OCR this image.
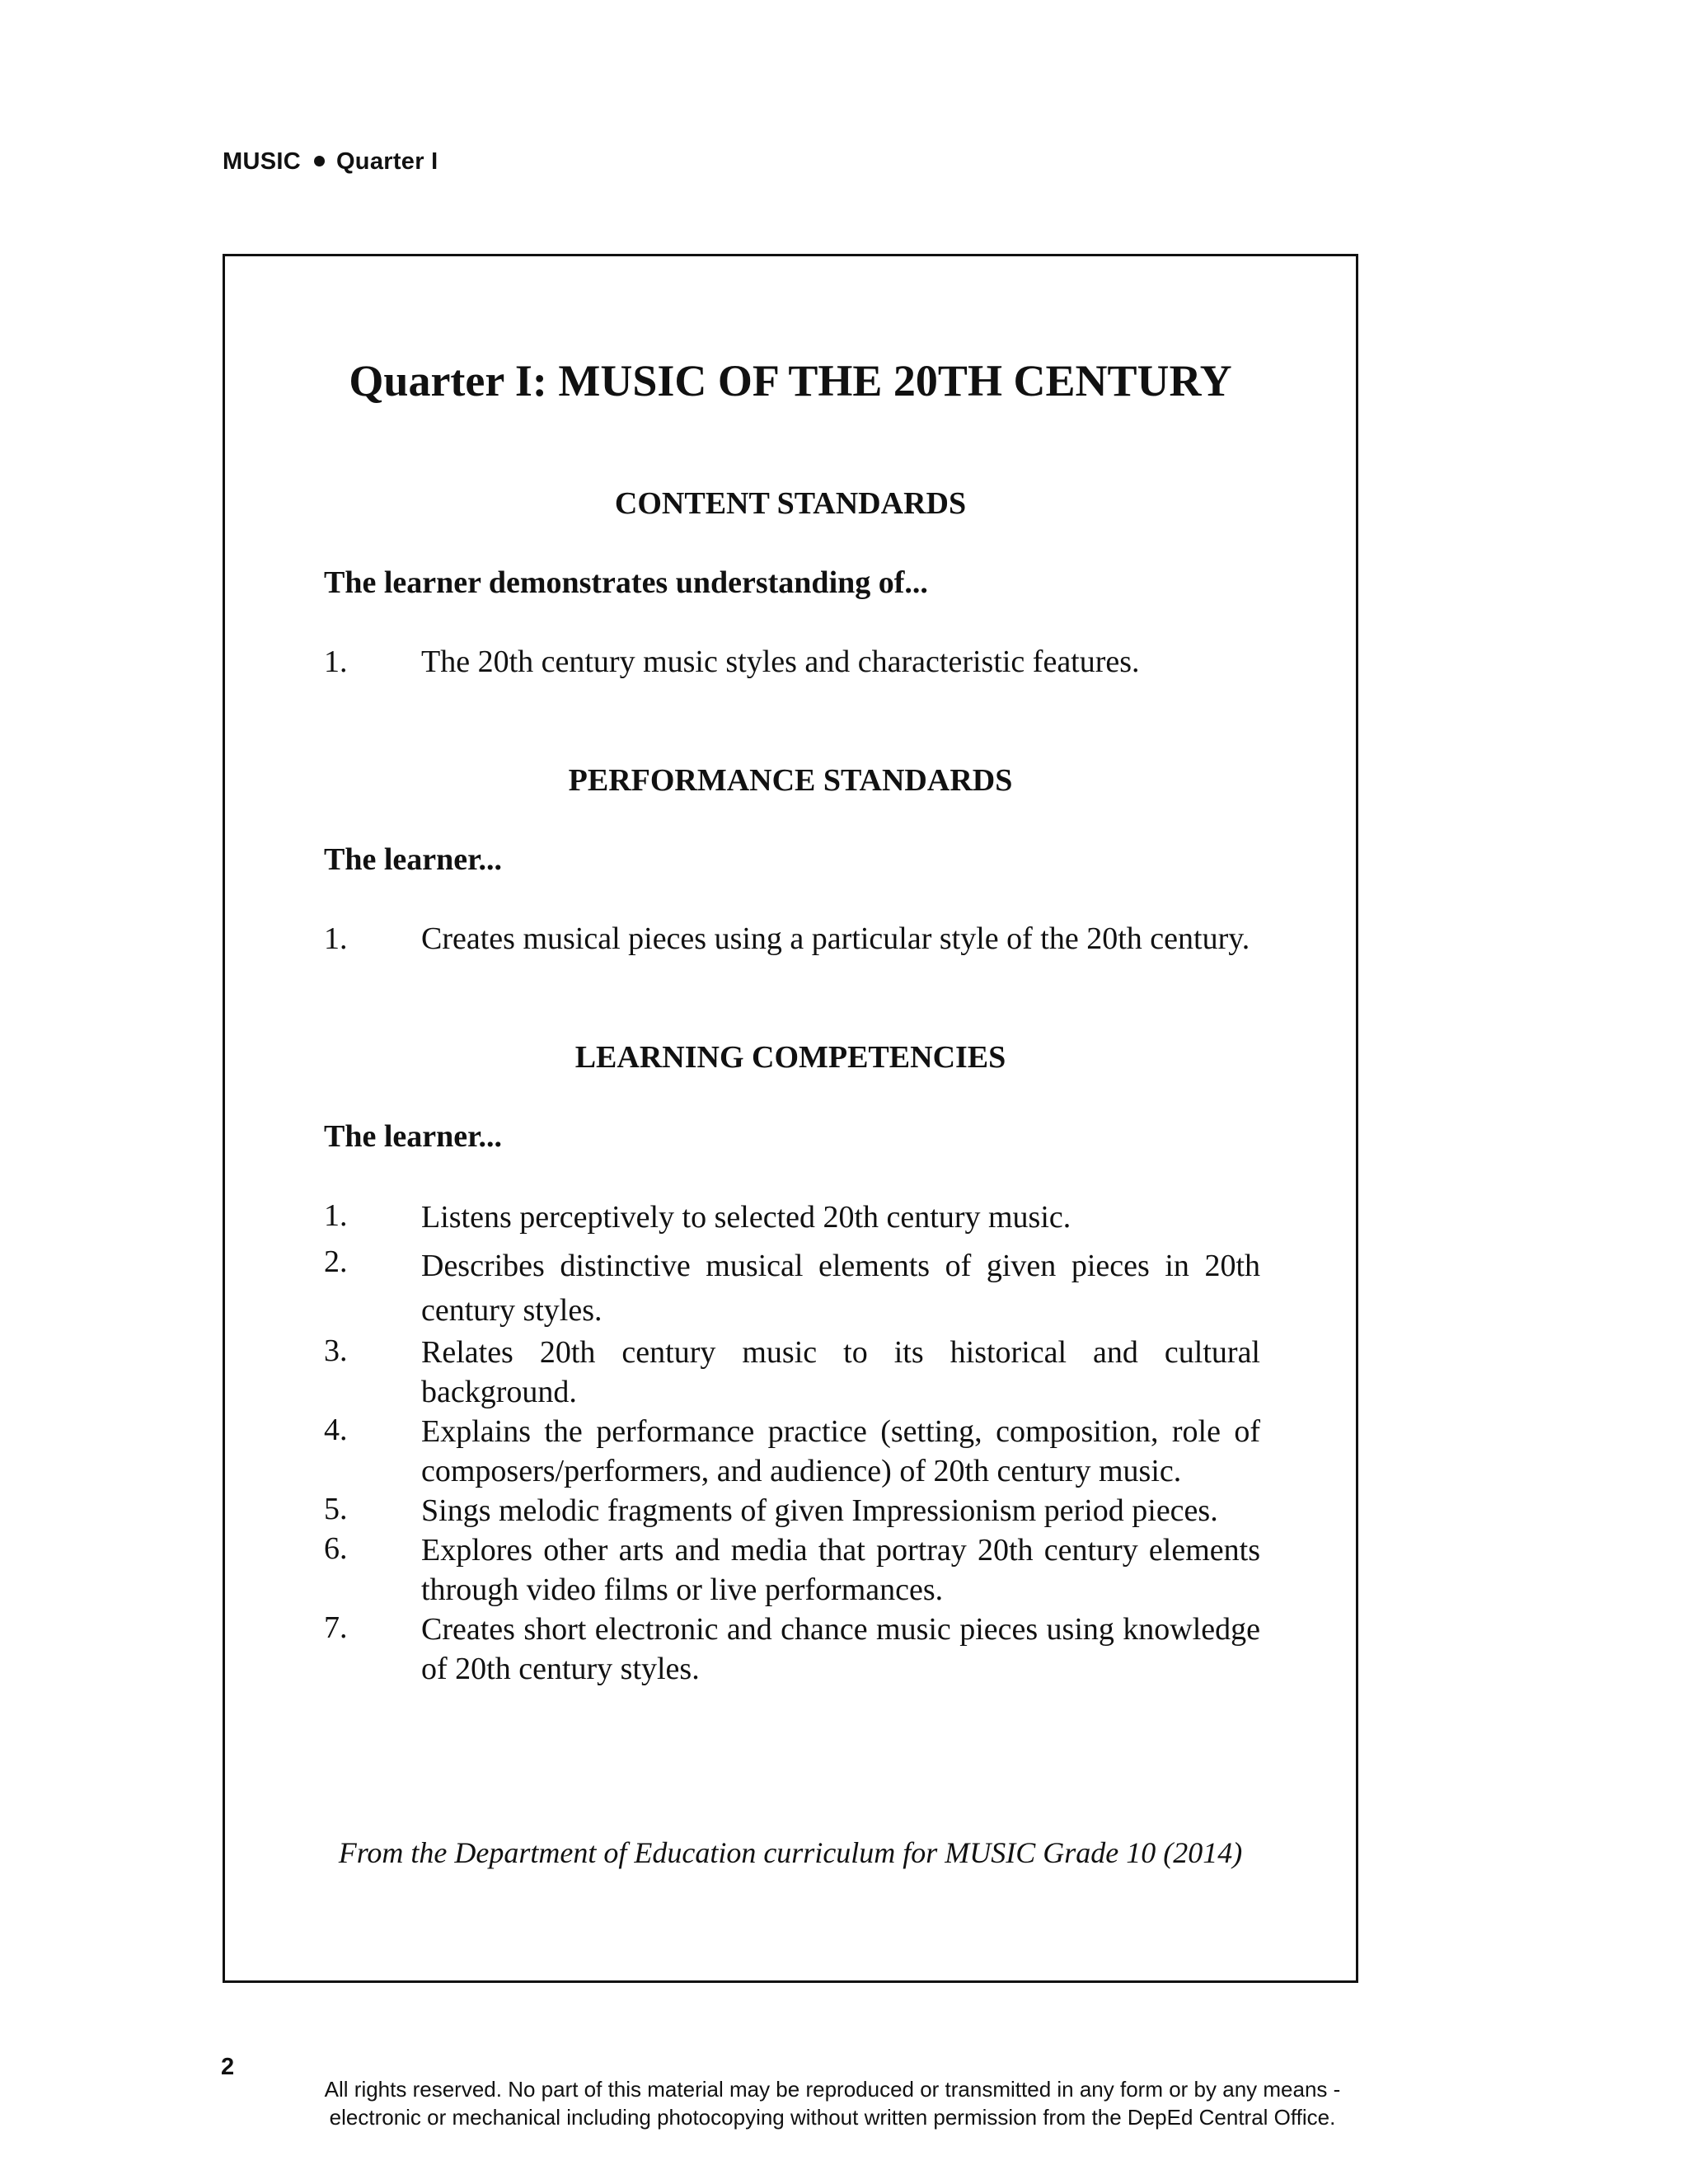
MUSIC Quarter I
Quarter I: MUSIC OF THE 20TH CENTURY
CONTENT STANDARDS
The learner demonstrates understanding of...
1. The 20th century music styles and characteristic features.
PERFORMANCE STANDARDS
The learner...
1. Creates musical pieces using a particular style of the 20th century.
LEARNING COMPETENCIES
The learner...
1. Listens perceptively to selected 20th century music.
2. Describes distinctive musical elements of given pieces in 20th century styles.
3. Relates 20th century music to its historical and cultural background.
4. Explains the performance practice (setting, composition, role of composers/performers, and audience) of 20th century music.
5. Sings melodic fragments of given Impressionism period pieces.
6. Explores other arts and media that portray 20th century elements through video films or live performances.
7. Creates short electronic and chance music pieces using knowledge of 20th century styles.
From the Department of Education curriculum for MUSIC Grade 10 (2014)
2
All rights reserved. No part of this material may be reproduced or transmitted in any form or by any means -
electronic or mechanical including photocopying without written permission from the DepEd Central Office.
